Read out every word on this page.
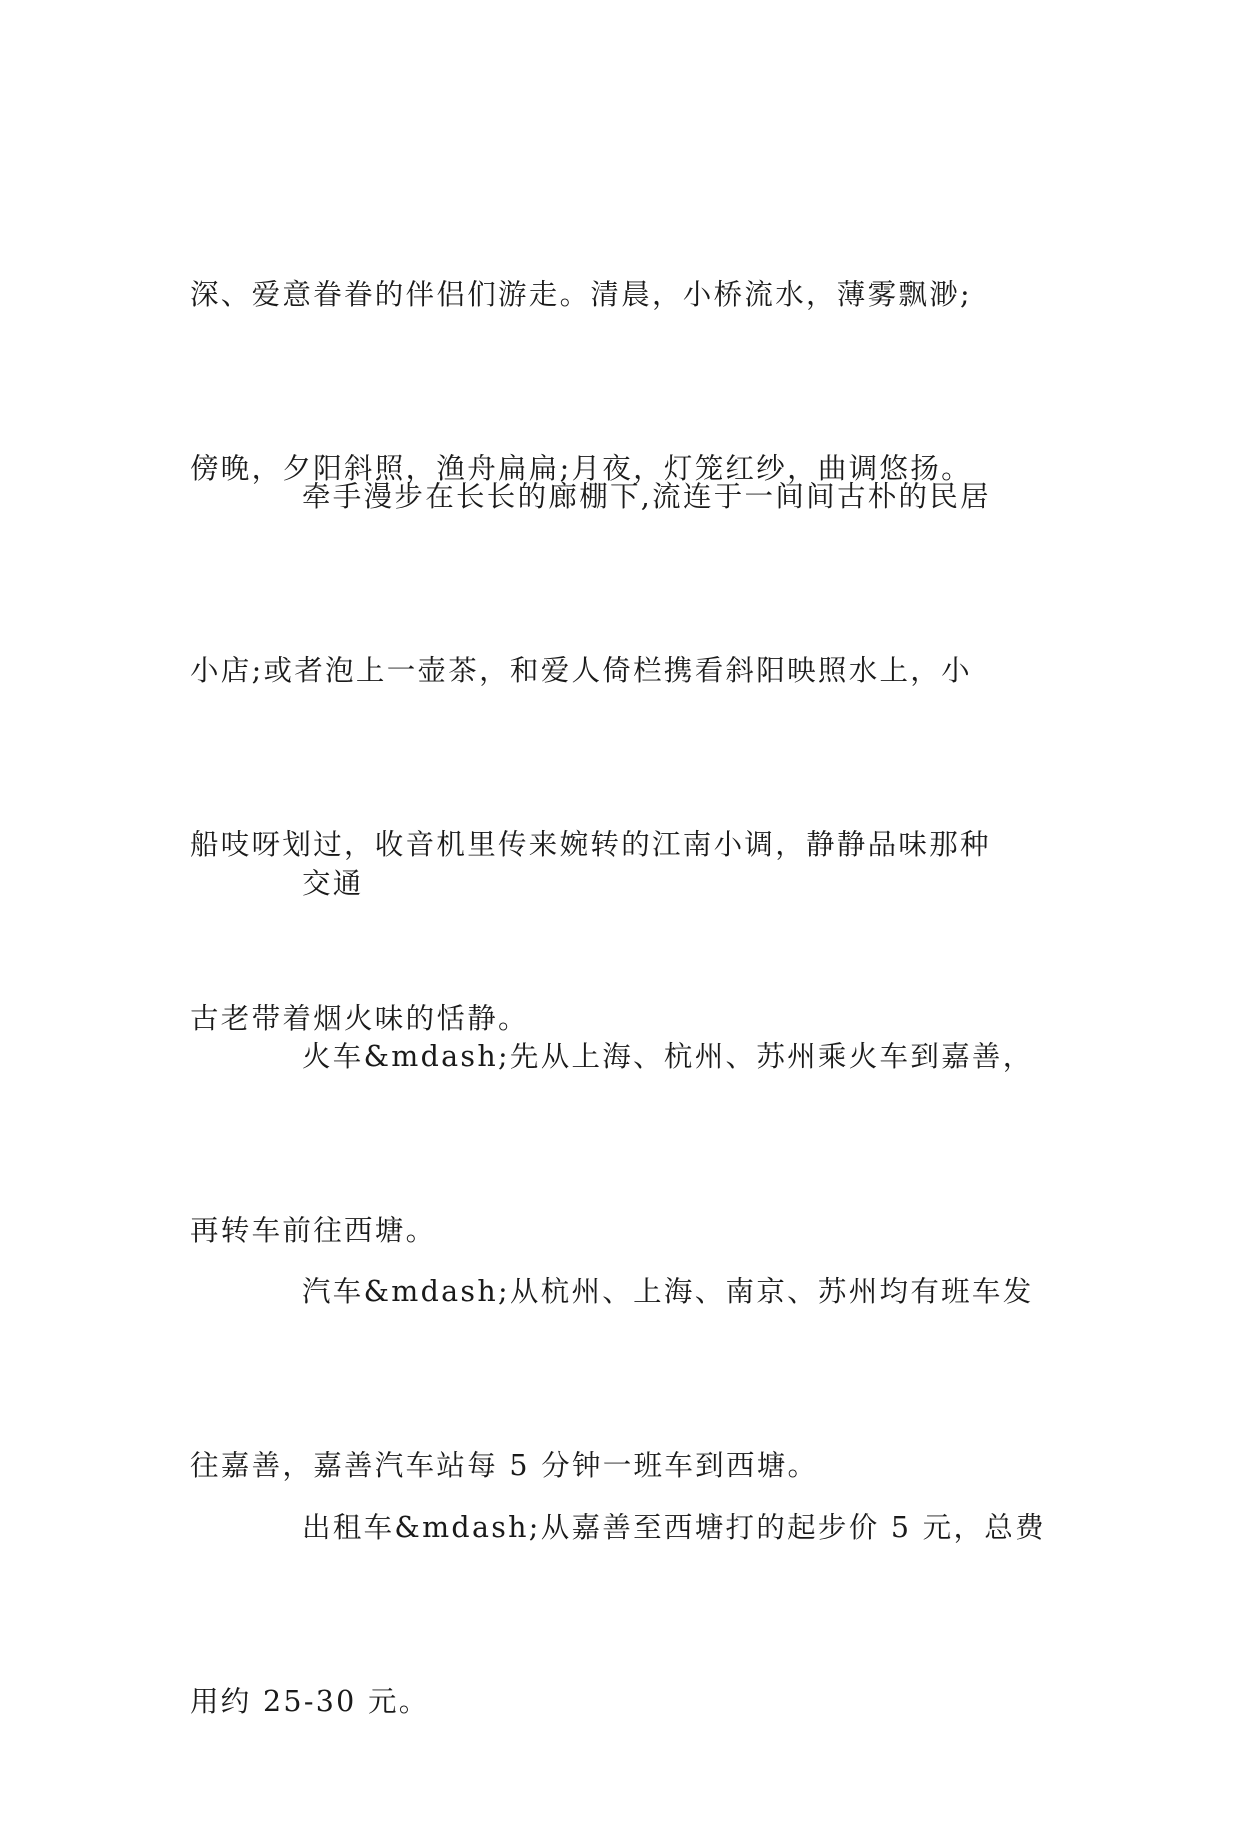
深、爱意眷眷的伴侣们游走。清晨，小桥流水，薄雾飘渺;

傍晚，夕阳斜照，渔舟扁扁;月夜，灯笼红纱，曲调悠扬。

牵手漫步在长长的廊棚下,流连于一间间古朴的民居

小店;或者泡上一壶茶，和爱人倚栏携看斜阳映照水上，小

船吱呀划过，收音机里传来婉转的江南小调，静静品味那种

古老带着烟火味的恬静。

交通

火车&mdash;先从上海、杭州、苏州乘火车到嘉善，

再转车前往西塘。

汽车&mdash;从杭州、上海、南京、苏州均有班车发

往嘉善，嘉善汽车站每 5 分钟一班车到西塘。

出租车&mdash;从嘉善至西塘打的起步价 5 元，总费

用约 25-30 元。
